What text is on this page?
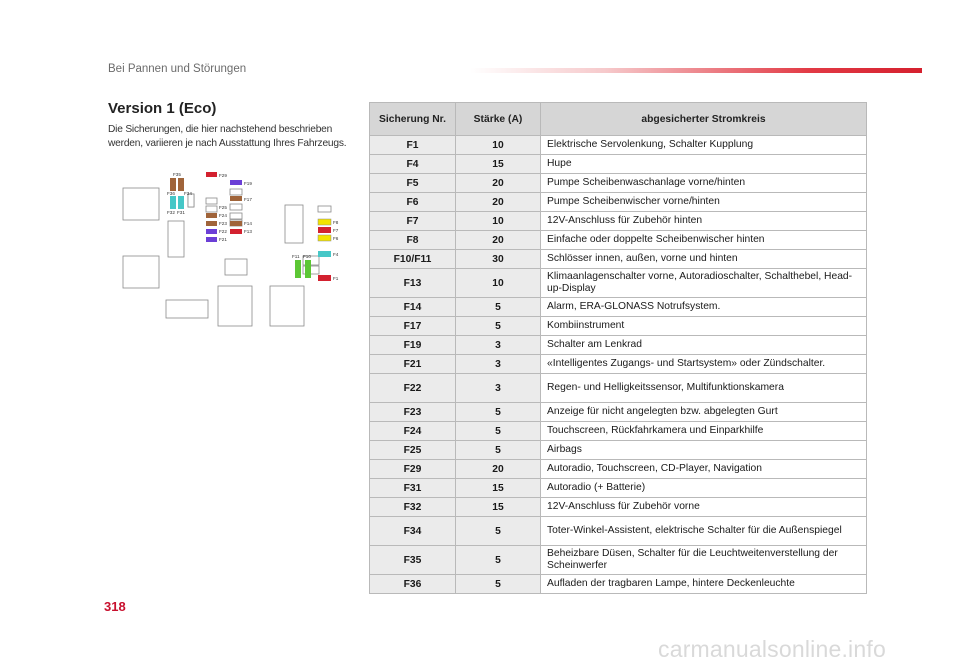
Bei Pannen und Störungen
Version 1 (Eco)
Die Sicherungen, die hier nachstehend beschrieben werden, variieren je nach Ausstattung Ihres Fahrzeugs.
F35
F36 F34
F32 F31
F29
F19
F17
F25
F24
F23	F14
F22	F13
F21
F8
F7
F6
F4
F11 F10
F1
Sicherung Nr.	Stärke (A)	abgesicherter Stromkreis
F1	10	Elektrische Servolenkung, Schalter Kupplung
F4	15	Hupe
F5	20	Pumpe Scheibenwaschanlage vorne/hinten
F6	20	Pumpe Scheibenwischer vorne/hinten
F7	10	12V-Anschluss für Zubehör hinten
F8	20	Einfache oder doppelte Scheibenwischer hinten
F10/F11	30	Schlösser innen, außen, vorne und hinten
F13	10	Klimaanlagenschalter vorne, Autoradioschalter, Schalthebel, Head-up-Display
F14	5	Alarm, ERA-GLONASS Notrufsystem.
F17	5	Kombiinstrument
F19	3	Schalter am Lenkrad
F21	3	«Intelligentes Zugangs- und Startsystem» oder Zündschalter.
F22	3	Regen- und Helligkeitssensor, Multifunktionskamera
F23	5	Anzeige für nicht angelegten bzw. abgelegten Gurt
F24	5	Touchscreen, Rückfahrkamera und Einparkhilfe
F25	5	Airbags
F29	20	Autoradio, Touchscreen, CD-Player, Navigation
F31	15	Autoradio (+ Batterie)
F32	15	12V-Anschluss für Zubehör vorne
F34	5	Toter-Winkel-Assistent, elektrische Schalter für die Außenspiegel
F35	5	Beheizbare Düsen, Schalter für die Leuchtweitenverstellung der Scheinwerfer
F36	5	Aufladen der tragbaren Lampe, hintere Deckenleuchte
318
carmanualsonline.info
